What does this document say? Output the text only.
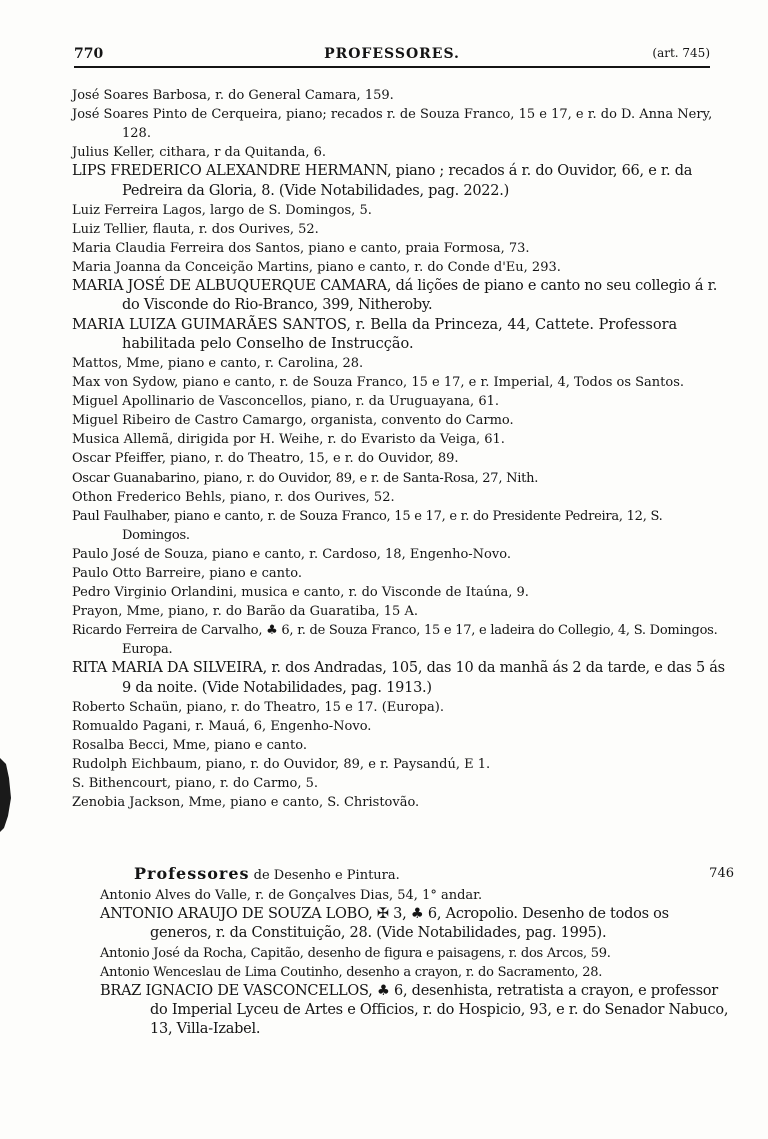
770	PROFESSORES.	(art. 745)
José Soares Barbosa, r. do General Camara, 159.
José Soares Pinto de Cerqueira, piano; recados r. de Souza Franco, 15 e 17, e r. do D. Anna Nery, 128.
Julius Keller, cithara, r da Quitanda, 6.
LIPS FREDERICO ALEXANDRE HERMANN, piano ; recados á r. do Ouvidor, 66, e r. da Pedreira da Gloria, 8. (Vide Notabilidades, pag. 2022.)
Luiz Ferreira Lagos, largo de S. Domingos, 5.
Luiz Tellier, flauta, r. dos Ourives, 52.
Maria Claudia Ferreira dos Santos, piano e canto, praia Formosa, 73.
Maria Joanna da Conceição Martins, piano e canto, r. do Conde d'Eu, 293.
MARIA JOSÉ DE ALBUQUERQUE CAMARA, dá lições de piano e canto no seu collegio á r. do Visconde do Rio-Branco, 399, Nitheroby.
MARIA LUIZA GUIMARÃES SANTOS, r. Bella da Princeza, 44, Cattete. Professora habilitada pelo Conselho de Instrucção.
Mattos, Mme, piano e canto, r. Carolina, 28.
Max von Sydow, piano e canto, r. de Souza Franco, 15 e 17, e r. Imperial, 4, Todos os Santos.
Miguel Apollinario de Vasconcellos, piano, r. da Uruguayana, 61.
Miguel Ribeiro de Castro Camargo, organista, convento do Carmo.
Musica Allemã, dirigida por H. Weihe, r. do Evaristo da Veiga, 61.
Oscar Pfeiffer, piano, r. do Theatro, 15, e r. do Ouvidor, 89.
Oscar Guanabarino, piano, r. do Ouvidor, 89, e r. de Santa-Rosa, 27, Nith.
Othon Frederico Behls, piano, r. dos Ourives, 52.
Paul Faulhaber, piano e canto, r. de Souza Franco, 15 e 17, e r. do Presidente Pedreira, 12, S. Domingos.
Paulo José de Souza, piano e canto, r. Cardoso, 18, Engenho-Novo.
Paulo Otto Barreire, piano e canto.
Pedro Virginio Orlandini, musica e canto, r. do Visconde de Itaúna, 9.
Prayon, Mme, piano, r. do Barão da Guaratiba, 15 A.
Ricardo Ferreira de Carvalho, ♣ 6, r. de Souza Franco, 15 e 17, e ladeira do Collegio, 4, S. Domingos. Europa.
RITA MARIA DA SILVEIRA, r. dos Andradas, 105, das 10 da manhã ás 2 da tarde, e das 5 ás 9 da noite. (Vide Notabilidades, pag. 1913.)
Roberto Schaün, piano, r. do Theatro, 15 e 17. (Europa).
Romualdo Pagani, r. Mauá, 6, Engenho-Novo.
Rosalba Becci, Mme, piano e canto.
Rudolph Eichbaum, piano, r. do Ouvidor, 89, e r. Paysandú, E 1.
S. Bithencourt, piano, r. do Carmo, 5.
Zenobia Jackson, Mme, piano e canto, S. Christovão.
Professores de Desenho e Pintura.	746
Antonio Alves do Valle, r. de Gonçalves Dias, 54, 1° andar.
ANTONIO ARAUJO DE SOUZA LOBO, ✠ 3, ♣ 6, Acropolio. Desenho de todos os generos, r. da Constituição, 28. (Vide Notabilidades, pag. 1995).
Antonio José da Rocha, Capitão, desenho de figura e paisagens, r. dos Arcos, 59.
Antonio Wenceslau de Lima Coutinho, desenho a crayon, r. do Sacramento, 28.
BRAZ IGNACIO DE VASCONCELLOS, ♣ 6, desenhista, retratista a crayon, e professor do Imperial Lyceu de Artes e Officios, r. do Hospicio, 93, e r. do Senador Nabuco, 13, Villa-Izabel.
